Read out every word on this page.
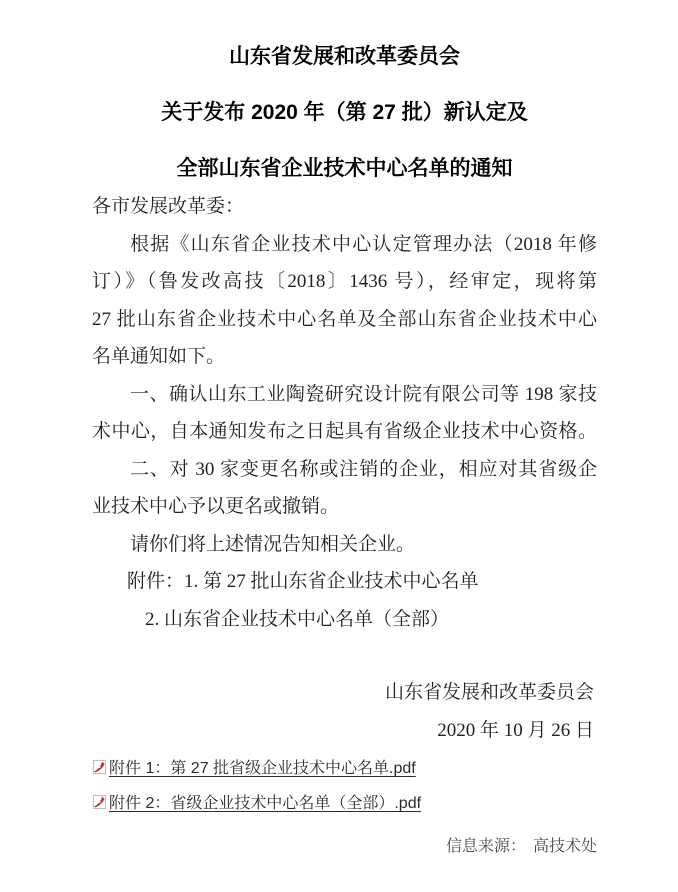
山东省发展和改革委员会
关于发布 2020 年（第 27 批）新认定及
全部山东省企业技术中心名单的通知
各市发展改革委：
根据《山东省企业技术中心认定管理办法（2018 年修
订）》（鲁发改高技〔2018〕1436 号），经审定，现将第
27 批山东省企业技术中心名单及全部山东省企业技术中心
名单通知如下。
一、确认山东工业陶瓷研究设计院有限公司等 198 家技
术中心，自本通知发布之日起具有省级企业技术中心资格。
二、对 30 家变更名称或注销的企业，相应对其省级企
业技术中心予以更名或撤销。
请你们将上述情况告知相关企业。
附件：1. 第 27 批山东省企业技术中心名单
2. 山东省企业技术中心名单（全部）
山东省发展和改革委员会
2020 年 10 月 26 日
附件 1：第 27 批省级企业技术中心名单.pdf
附件 2：省级企业技术中心名单（全部）.pdf
信息来源： 高技术处
